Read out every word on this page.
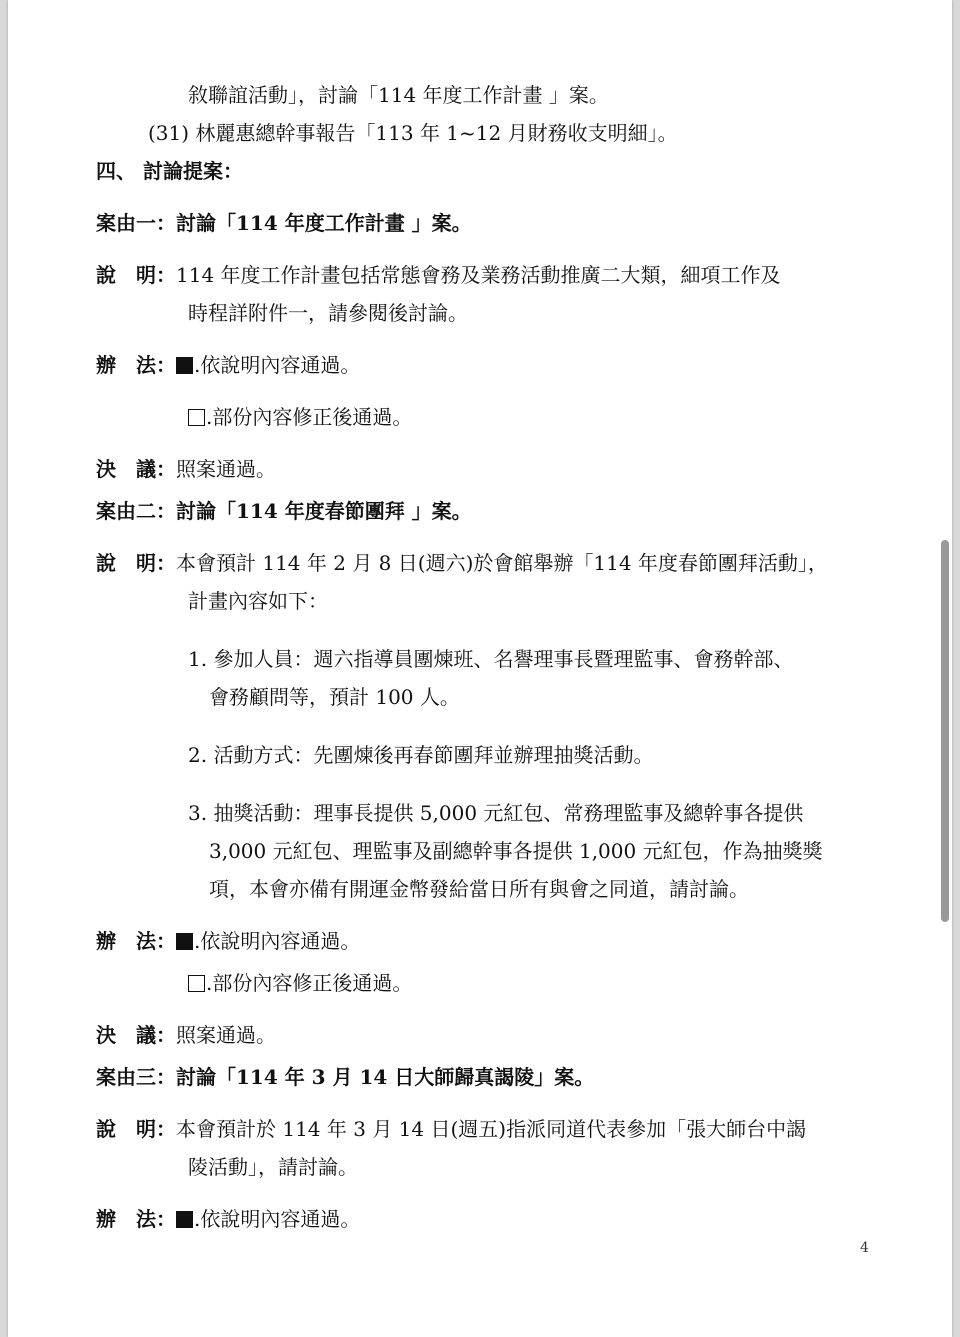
敘聯誼活動」，討論「114 年度工作計畫 」案。

(31) 林麗惠總幹事報告「113 年 1~12 月財務收支明細」。

四、 討論提案：

案由一：討論「114 年度工作計畫 」案。

說　明：114 年度工作計畫包括常態會務及業務活動推廣二大類，細項工作及

時程詳附件一，請參閱後討論。

辦　法： .依說明內容通過。

.部份內容修正後通過。

決　議：照案通過。

案由二：討論「114 年度春節團拜 」案。

說　明：本會預計 114 年 2 月 8 日(週六)於會館舉辦「114 年度春節團拜活動」，

計畫內容如下：

1. 參加人員：週六指導員團煉班、名譽理事長暨理監事、會務幹部、

會務顧問等，預計 100 人。

2. 活動方式：先團煉後再春節團拜並辦理抽獎活動。

3. 抽獎活動：理事長提供 5,000 元紅包、常務理監事及總幹事各提供

3,000 元紅包、理監事及副總幹事各提供 1,000 元紅包，作為抽獎獎

項，本會亦備有開運金幣發給當日所有與會之同道，請討論。

辦　法： .依說明內容通過。

.部份內容修正後通過。

決　議：照案通過。

案由三：討論「114 年 3 月 14 日大師歸真謁陵」案。

說　明：本會預計於 114 年 3 月 14 日(週五)指派同道代表參加「張大師台中謁

陵活動」，請討論。

辦　法： .依說明內容通過。

4
